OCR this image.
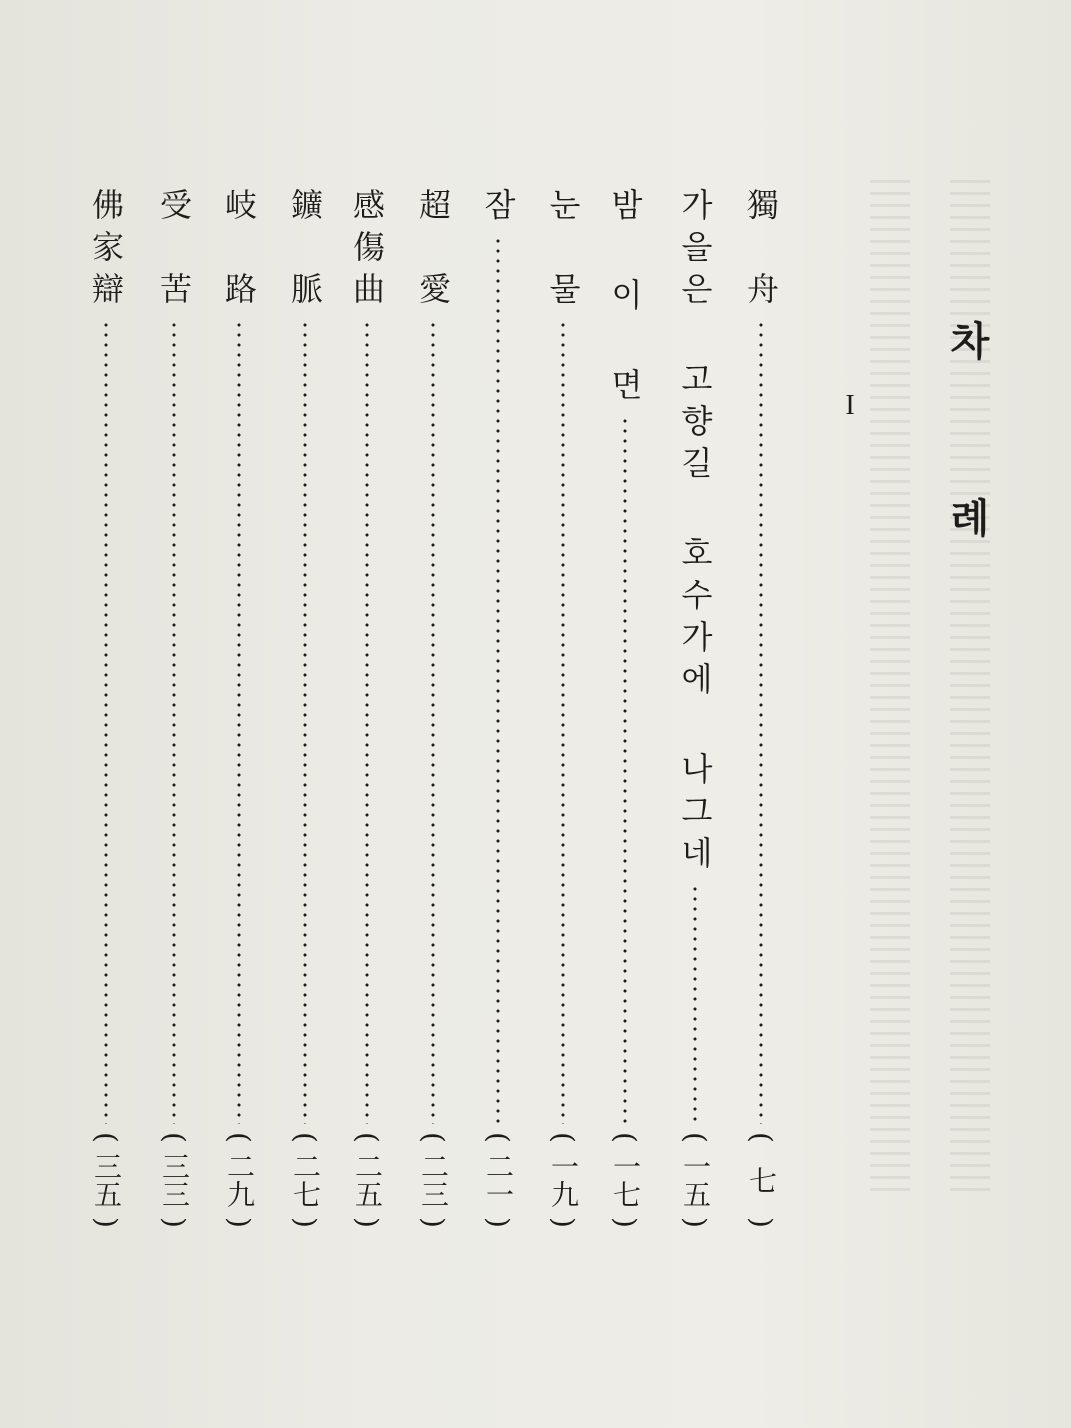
차
례
I
獨　舟
(
七
)
가을은 고향길 호수가에 나그네
(
一五
)
밤 이 면
(
一七
)
눈　물
(
一九
)
잠
(
二一
)
超　愛
(
二三
)
感傷曲
(
二五
)
鑛　脈
(
二七
)
岐　路
(
二九
)
受　苦
(
三三
)
佛家辯
(
三五
)
